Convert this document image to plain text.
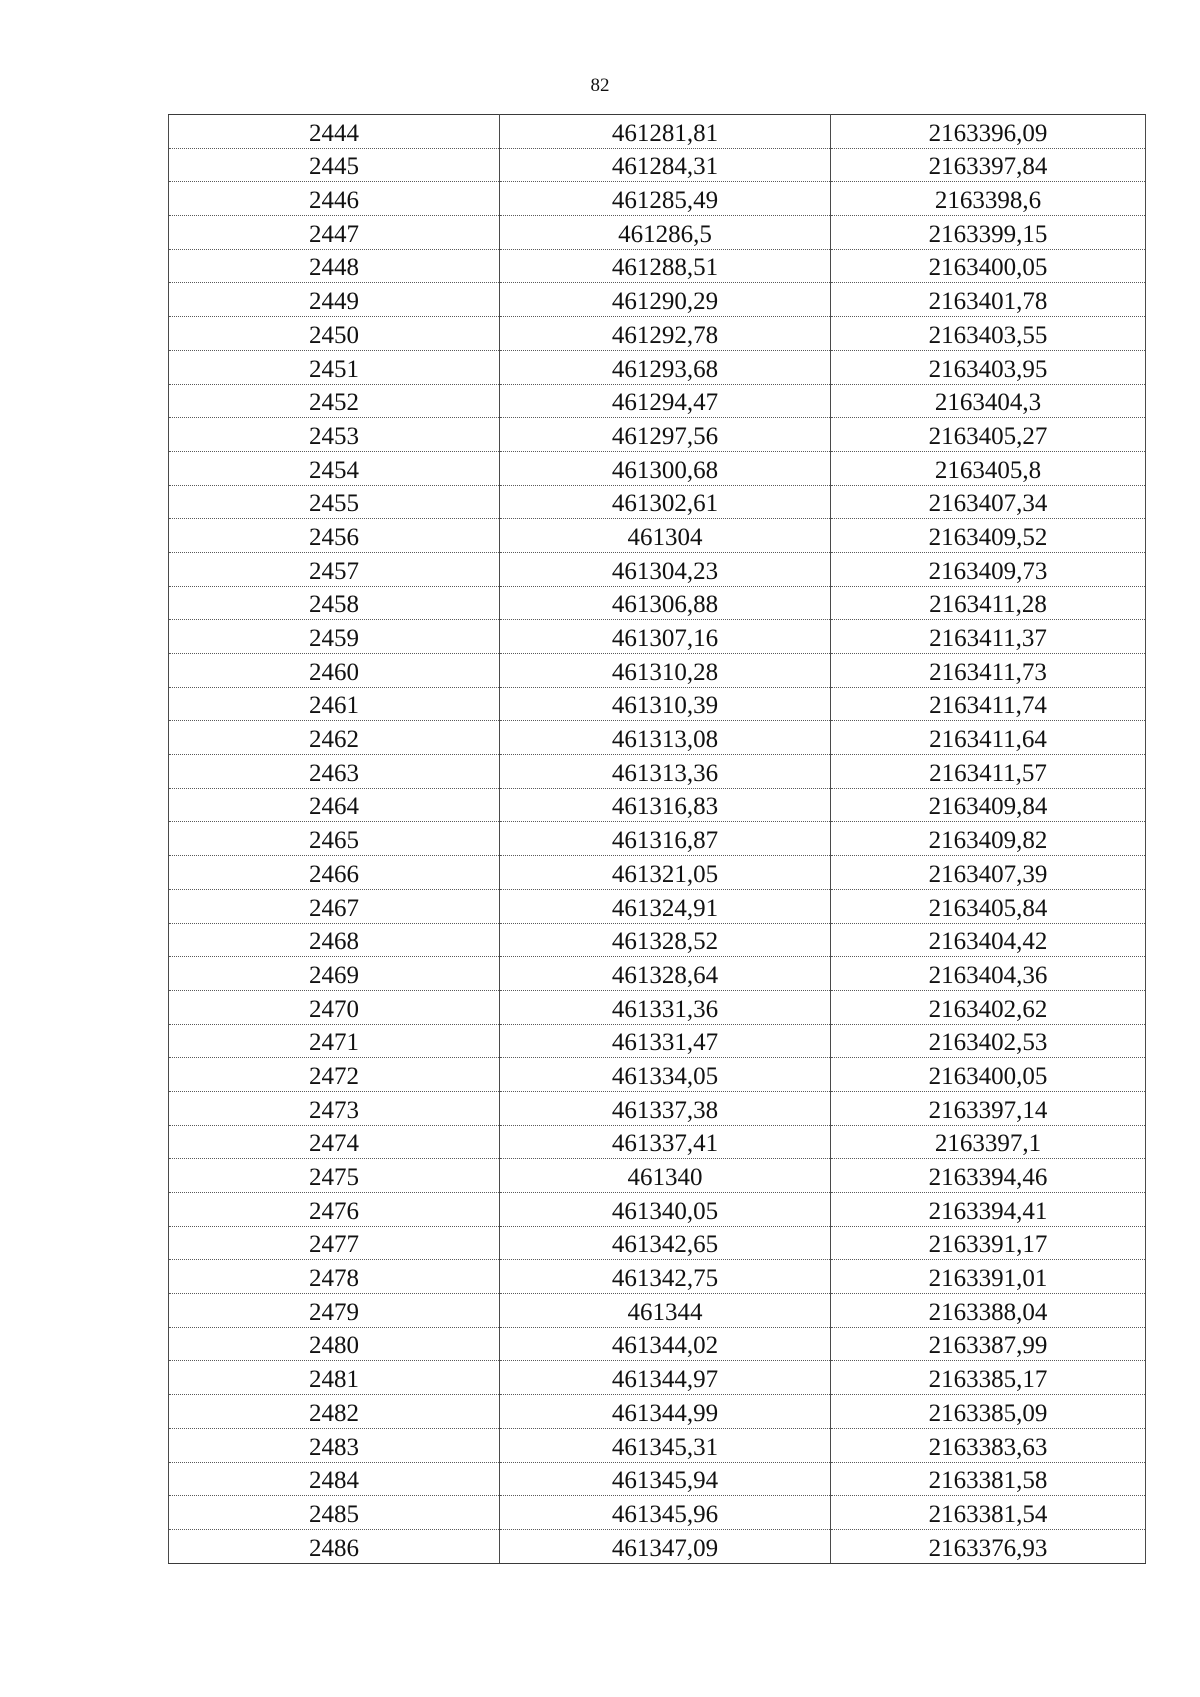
82
2444	461281,81	2163396,09
2445	461284,31	2163397,84
2446	461285,49	2163398,6
2447	461286,5	2163399,15
2448	461288,51	2163400,05
2449	461290,29	2163401,78
2450	461292,78	2163403,55
2451	461293,68	2163403,95
2452	461294,47	2163404,3
2453	461297,56	2163405,27
2454	461300,68	2163405,8
2455	461302,61	2163407,34
2456	461304	2163409,52
2457	461304,23	2163409,73
2458	461306,88	2163411,28
2459	461307,16	2163411,37
2460	461310,28	2163411,73
2461	461310,39	2163411,74
2462	461313,08	2163411,64
2463	461313,36	2163411,57
2464	461316,83	2163409,84
2465	461316,87	2163409,82
2466	461321,05	2163407,39
2467	461324,91	2163405,84
2468	461328,52	2163404,42
2469	461328,64	2163404,36
2470	461331,36	2163402,62
2471	461331,47	2163402,53
2472	461334,05	2163400,05
2473	461337,38	2163397,14
2474	461337,41	2163397,1
2475	461340	2163394,46
2476	461340,05	2163394,41
2477	461342,65	2163391,17
2478	461342,75	2163391,01
2479	461344	2163388,04
2480	461344,02	2163387,99
2481	461344,97	2163385,17
2482	461344,99	2163385,09
2483	461345,31	2163383,63
2484	461345,94	2163381,58
2485	461345,96	2163381,54
2486	461347,09	2163376,93
